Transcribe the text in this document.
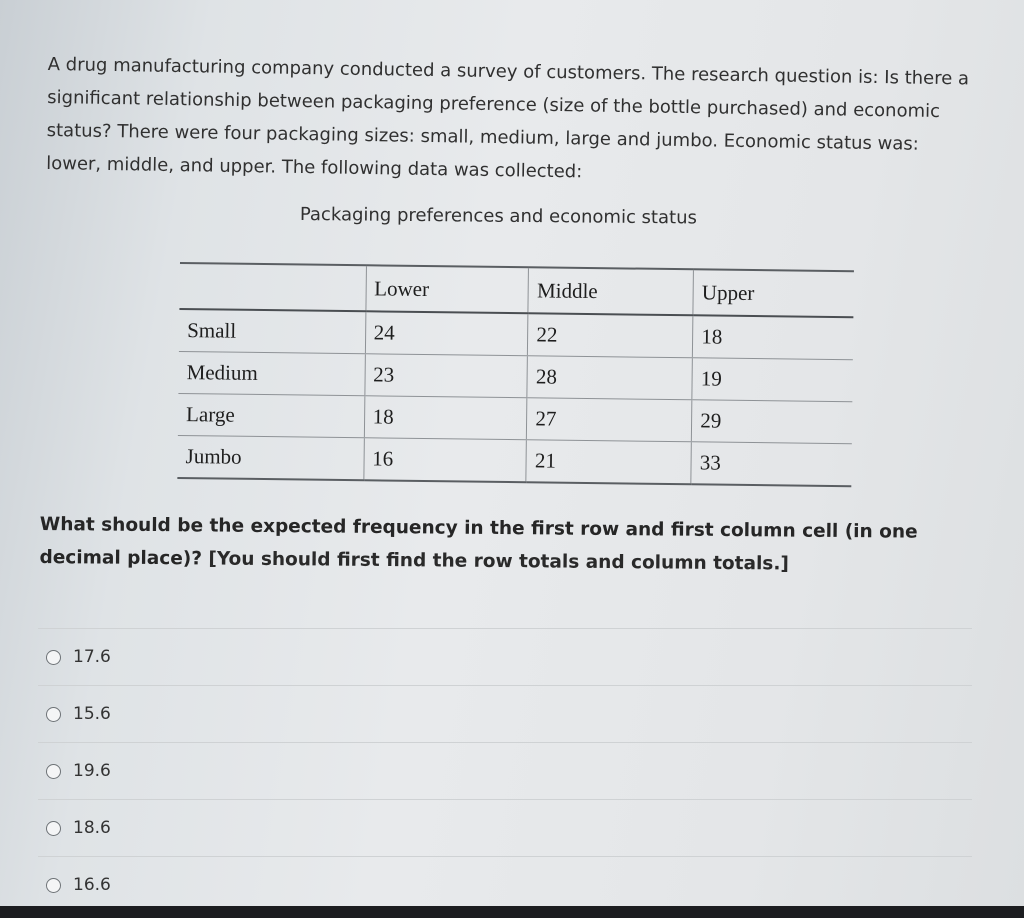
A drug manufacturing company conducted a survey of customers. The research question is: Is there a significant relationship between packaging preference (size of the bottle purchased) and economic status? There were four packaging sizes: small, medium, large and jumbo. Economic status was: lower, middle, and upper. The following data was collected:

Packaging preferences and economic status
	Lower	Middle	Upper
Small	24	22	18
Medium	23	28	19
Large	18	27	29
Jumbo	16	21	33

What should be the expected frequency in the first row and first column cell (in one decimal place)? [You should first find the row totals and column totals.]

17.6
15.6
19.6
18.6
16.6
